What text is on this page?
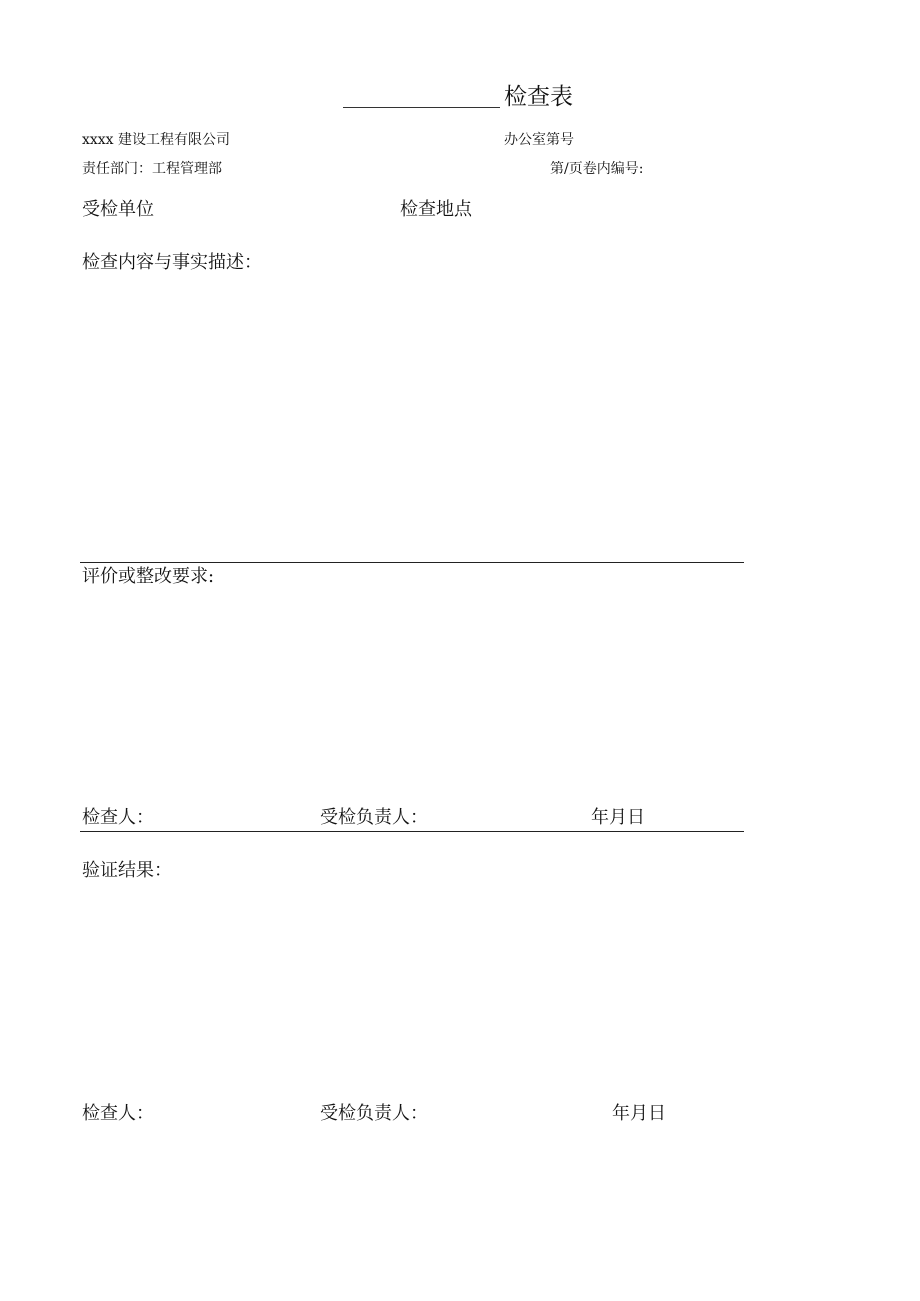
检查表
xxxx 建设工程有限公司	办公室第号
责任部门：工程管理部	第/页卷内编号:
受检单位	检查地点
检查内容与事实描述：
评价或整改要求:
检查人：	受检负责人：	年月日
验证结果：
检查人：	受检负责人：	年月日
